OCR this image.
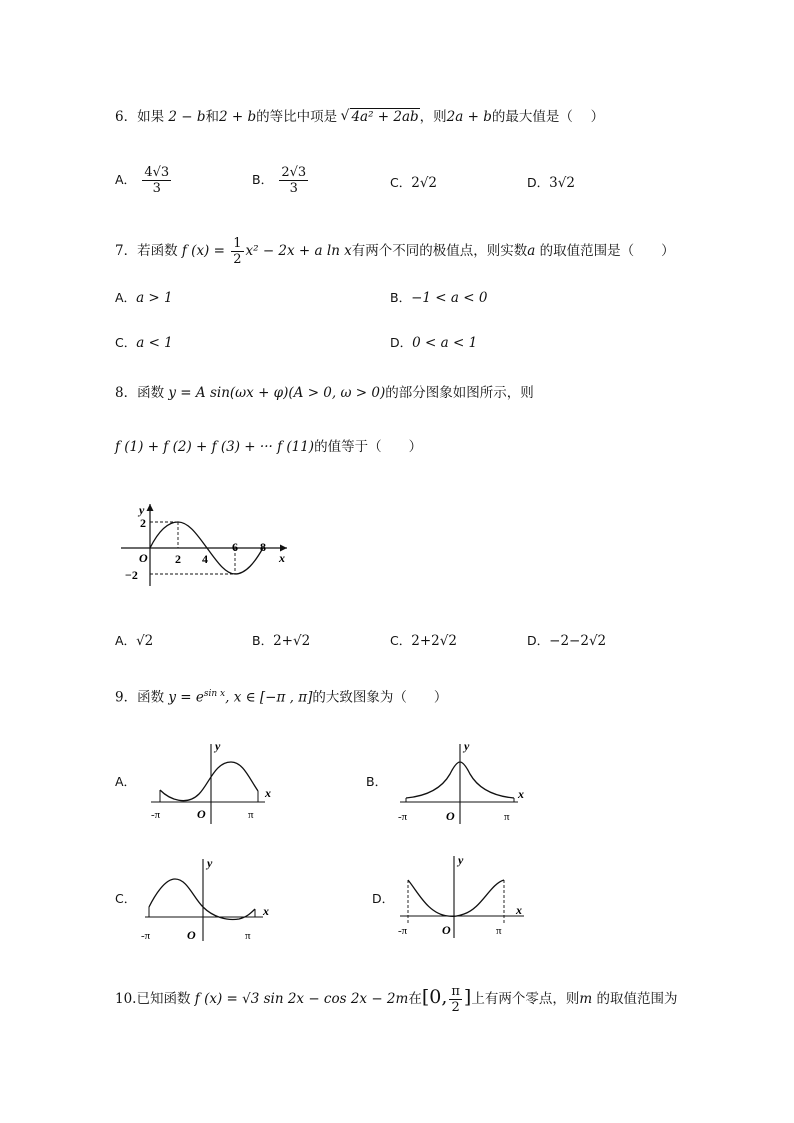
6．如果 2 − b和2 + b的等比中项是 √ 4a² + 2ab，则2a + b的最大值是（　 ）
A． $\frac{4√3}{3}$	B． $\frac{2√3}{3}$	C．2√2	D．3√2
7．若函数 f $(x) = \frac{1}{2} x^2 - 2x + a$ ln x有两个不同的极值点，则实数a 的取值范围是（　　）
A．a > 1	B．−1 < a < 0
C．a < 1	D．0 < a < 1
8．函数 y = A sin(ωx + φ)(A > 0, ω > 0)的部分图象如图所示，则
f (1) + f (2) + f (3) + ··· f (11)的值等于（　　）
y
x
O
2
−2
2 4
6 8
A．√2	B．2+√2	C．2+2√2	D．−2−2√2
9．函数 $y = e^{sin x}$, x ∈ [−π , π]的大致图象为（　　）
A．
y
x
O
-π	π
B．
y
x
O
-π	π
C．
y
x
O
-π	π
D．
y
x
O
-π	π
10.已知函数 f (x) = √3 sin 2x − cos 2x − 2m在[0, $\frac{\pi}{2}$ ]上有两个零点，则m 的取值范围为
